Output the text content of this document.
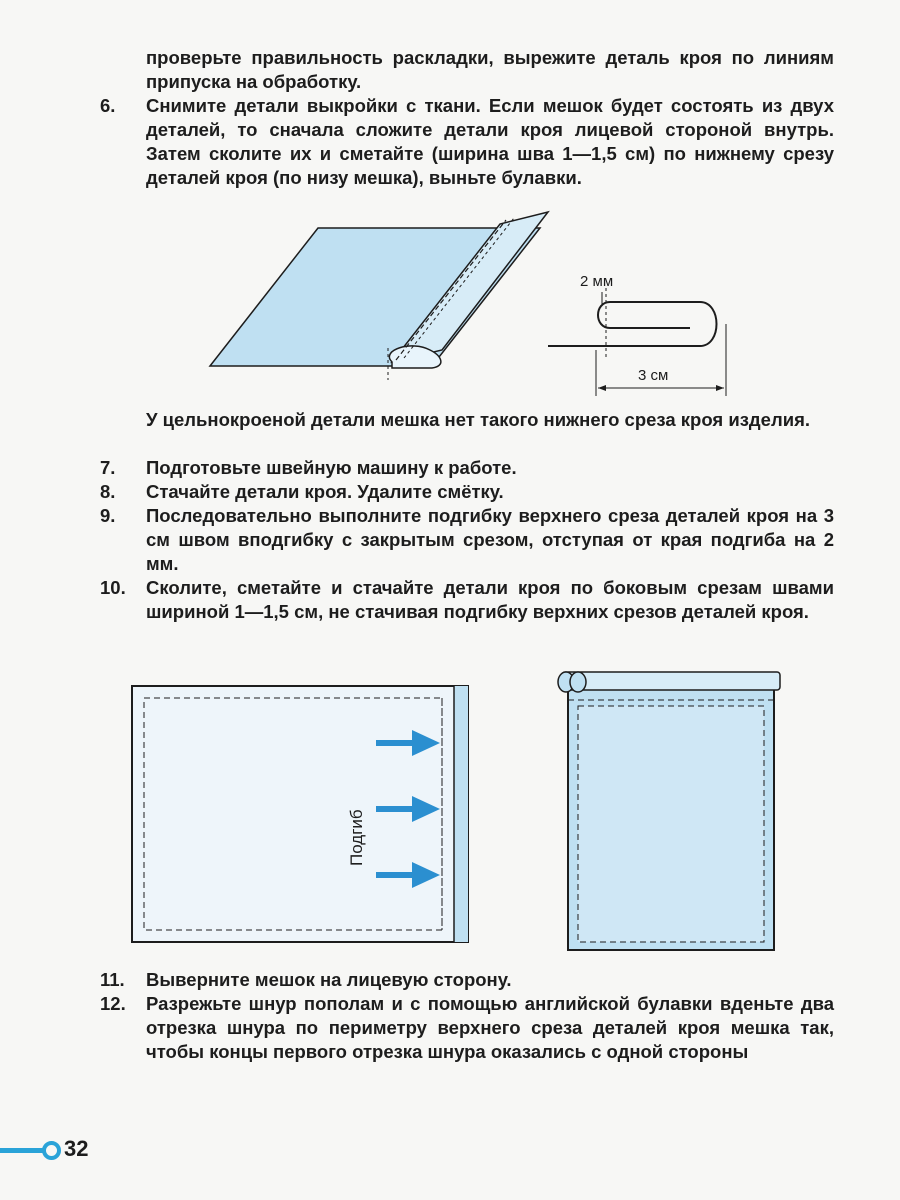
проверьте правильность раскладки, вырежите деталь кроя по линиям припуска на обработку.

6.	Снимите детали выкройки с ткани. Если мешок будет состоять из двух деталей, то сначала сложите детали кроя лицевой стороной внутрь. Затем сколите их и сметайте (ширина шва 1—1,5 см) по нижнему срезу деталей кроя (по низу мешка), выньте булавки.
2 мм
3 см

У цельнокроеной детали мешка нет такого нижнего среза кроя изделия.

7.	Подготовьте швейную машину к работе.
8.	Стачайте детали кроя. Удалите смётку.
9.	Последовательно выполните подгибку верхнего среза деталей кроя на 3 см швом вподгибку с закрытым срезом, отступая от края подгиба на 2 мм.
10.	Сколите, сметайте и стачайте детали кроя по боковым срезам швами шириной 1—1,5 см, не стачивая подгибку верхних срезов деталей кроя.
Подгиб
11.	Выверните мешок на лицевую сторону.
12.	Разрежьте шнур пополам и с помощью английской булавки вденьте два отрезка шнура по периметру верхнего среза деталей кроя мешка так, чтобы концы первого отрезка шнура оказались с одной стороны
32
